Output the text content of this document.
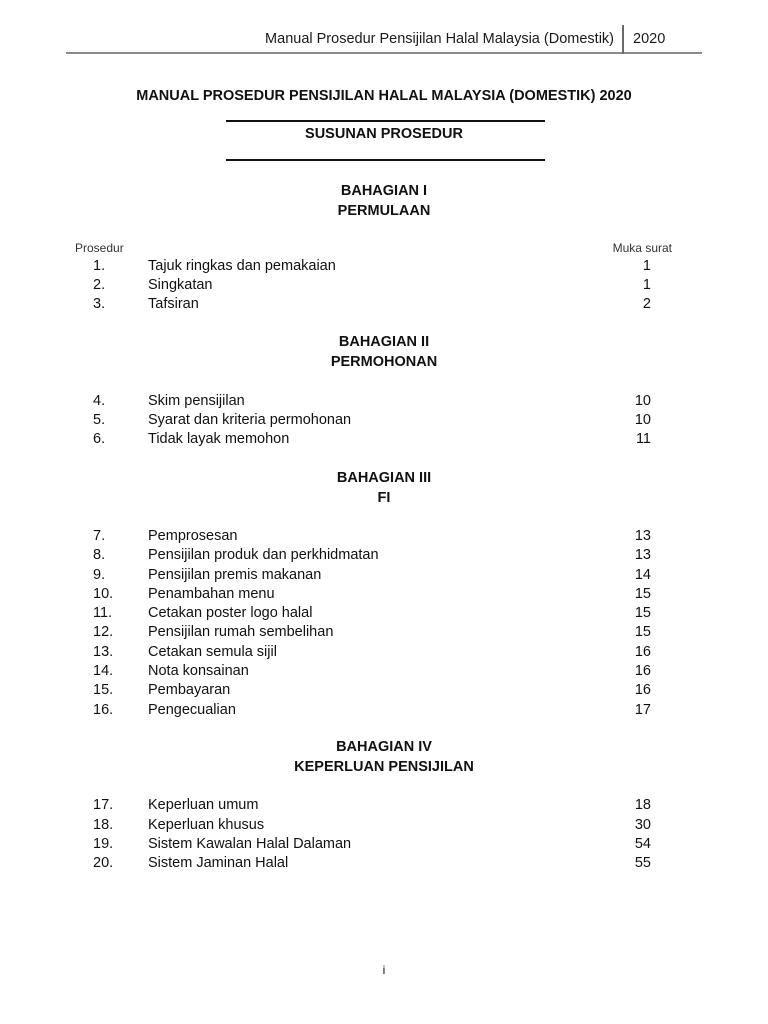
Manual Prosedur Pensijilan Halal Malaysia (Domestik) 2020
MANUAL PROSEDUR PENSIJILAN HALAL MALAYSIA (DOMESTIK) 2020
SUSUNAN PROSEDUR
BAHAGIAN I
PERMULAAN
Prosedur	Muka surat
1.	Tajuk ringkas dan pemakaian	1
2.	Singkatan	1
3.	Tafsiran	2
BAHAGIAN II
PERMOHONAN
4.	Skim pensijilan	10
5.	Syarat dan kriteria permohonan	10
6.	Tidak layak memohon	11
BAHAGIAN III
FI
7.	Pemprosesan	13
8.	Pensijilan produk dan perkhidmatan	13
9.	Pensijilan premis makanan	14
10. Penambahan menu	15
11. Cetakan poster logo halal	15
12. Pensijilan rumah sembelihan	15
13. Cetakan semula sijil	16
14. Nota konsainan	16
15. Pembayaran	16
16. Pengecualian	17
BAHAGIAN IV
KEPERLUAN PENSIJILAN
17. Keperluan umum	18
18. Keperluan khusus	30
19. Sistem Kawalan Halal Dalaman	54
20. Sistem Jaminan Halal	55
i
